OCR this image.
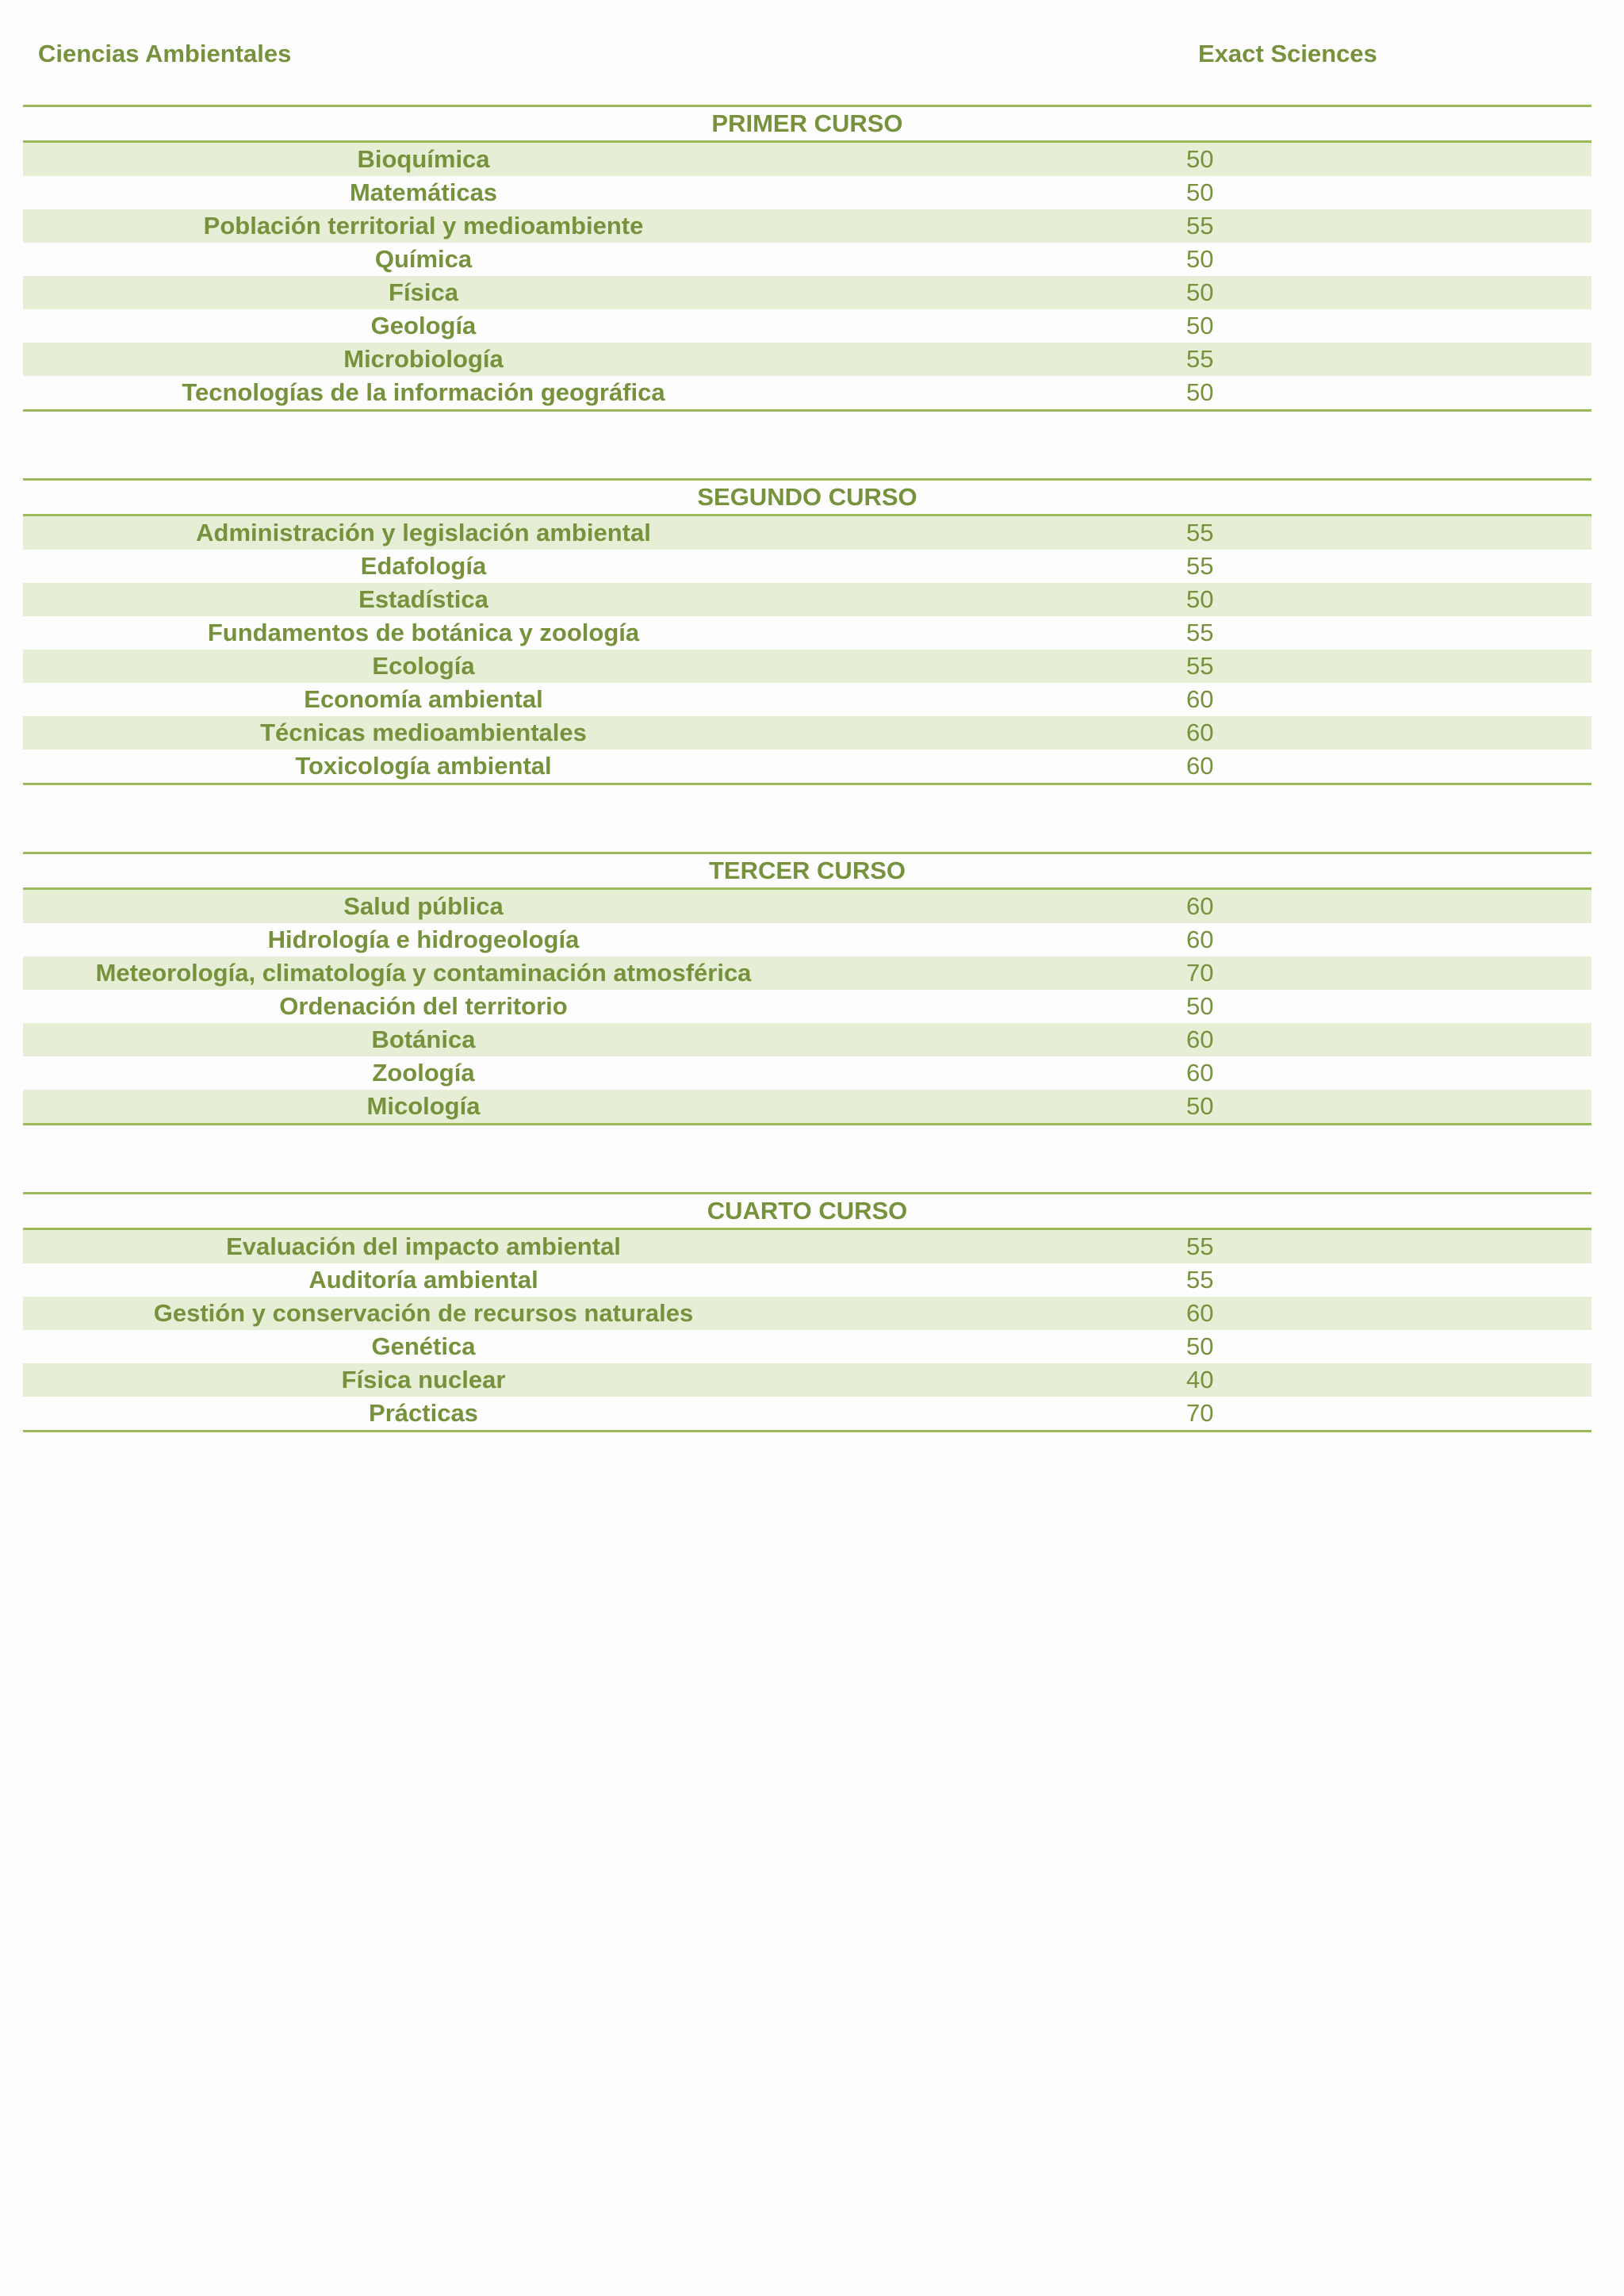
Ciencias Ambientales	Exact Sciences
PRIMER CURSO
Bioquímica	50
Matemáticas	50
Población territorial y medioambiente	55
Química	50
Física	50
Geología	50
Microbiología	55
Tecnologías de la información geográfica	50
SEGUNDO CURSO
Administración y legislación ambiental	55
Edafología	55
Estadística	50
Fundamentos de botánica y zoología	55
Ecología	55
Economía ambiental	60
Técnicas medioambientales	60
Toxicología ambiental	60
TERCER CURSO
Salud pública	60
Hidrología e hidrogeología	60
Meteorología, climatología y contaminación atmosférica	70
Ordenación del territorio	50
Botánica	60
Zoología	60
Micología	50
CUARTO CURSO
Evaluación del impacto ambiental	55
Auditoría ambiental	55
Gestión y conservación de recursos naturales	60
Genética	50
Física nuclear	40
Prácticas	70
